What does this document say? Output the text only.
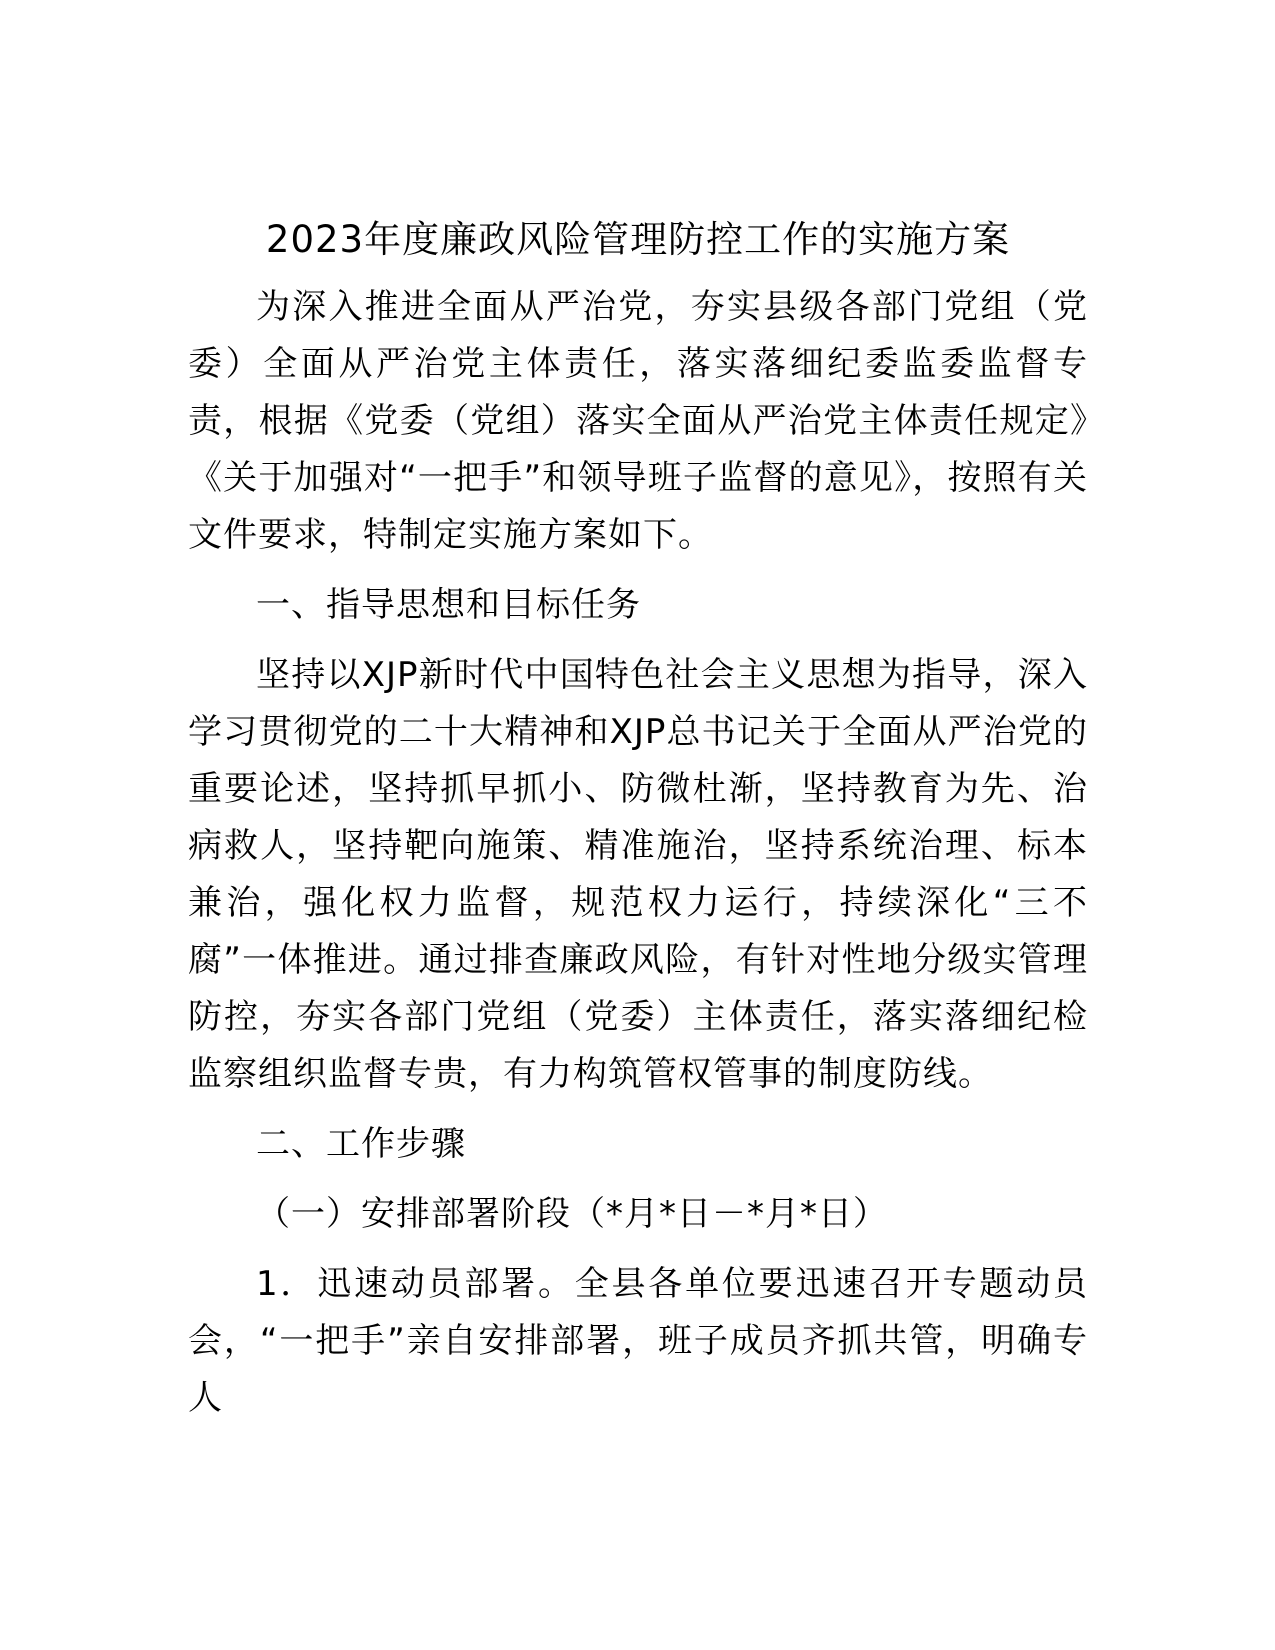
2023年度廉政风险管理防控工作的实施方案

为深入推进全面从严治党，夯实县级各部门党组（党委）全面从严治党主体责任，落实落细纪委监委监督专责，根据《党委（党组）落实全面从严治党主体责任规定》《关于加强对“一把手”和领导班子监督的意见》，按照有关文件要求，特制定实施方案如下。

一、指导思想和目标任务

坚持以XJP新时代中国特色社会主义思想为指导，深入学习贯彻党的二十大精神和XJP总书记关于全面从严治党的重要论述，坚持抓早抓小、防微杜渐，坚持教育为先、治病救人，坚持靶向施策、精准施治，坚持系统治理、标本兼治，强化权力监督，规范权力运行，持续深化“三不腐”一体推进。通过排查廉政风险，有针对性地分级实管理防控，夯实各部门党组（党委）主体责任，落实落细纪检监察组织监督专贵，有力构筑管权管事的制度防线。

二、工作步骤

（一）安排部署阶段（*月*日－*月*日）

1．迅速动员部署。全县各单位要迅速召开专题动员会，“一把手”亲自安排部署，班子成员齐抓共管，明确专人
